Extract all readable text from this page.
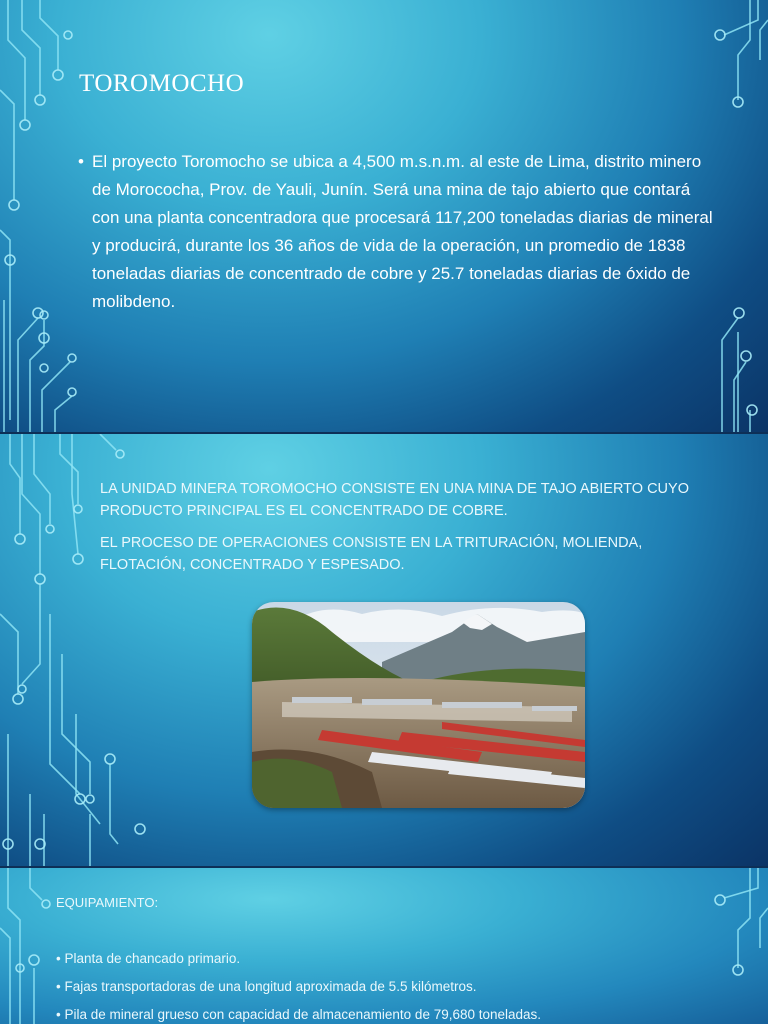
TOROMOCHO
• El proyecto Toromocho se ubica a 4,500 m.s.n.m. al este de Lima, distrito minero de Morococha, Prov. de Yauli, Junín. Será una mina de tajo abierto que contará con una planta concentradora que procesará 117,200 toneladas diarias de mineral y producirá, durante los 36 años de vida de la operación, un promedio de 1838 toneladas diarias de concentrado de cobre y 25.7 toneladas diarias de óxido de molibdeno.
LA UNIDAD MINERA TOROMOCHO CONSISTE EN UNA MINA DE TAJO ABIERTO CUYO PRODUCTO PRINCIPAL ES EL CONCENTRADO DE COBRE.
EL PROCESO DE OPERACIONES CONSISTE EN LA TRITURACIÓN, MOLIENDA, FLOTACIÓN, CONCENTRADO Y ESPESADO.
EQUIPAMIENTO:
• Planta de chancado primario.
• Fajas transportadoras de una longitud aproximada de 5.5 kilómetros.
• Pila de mineral grueso con capacidad de almacenamiento de 79,680 toneladas.
